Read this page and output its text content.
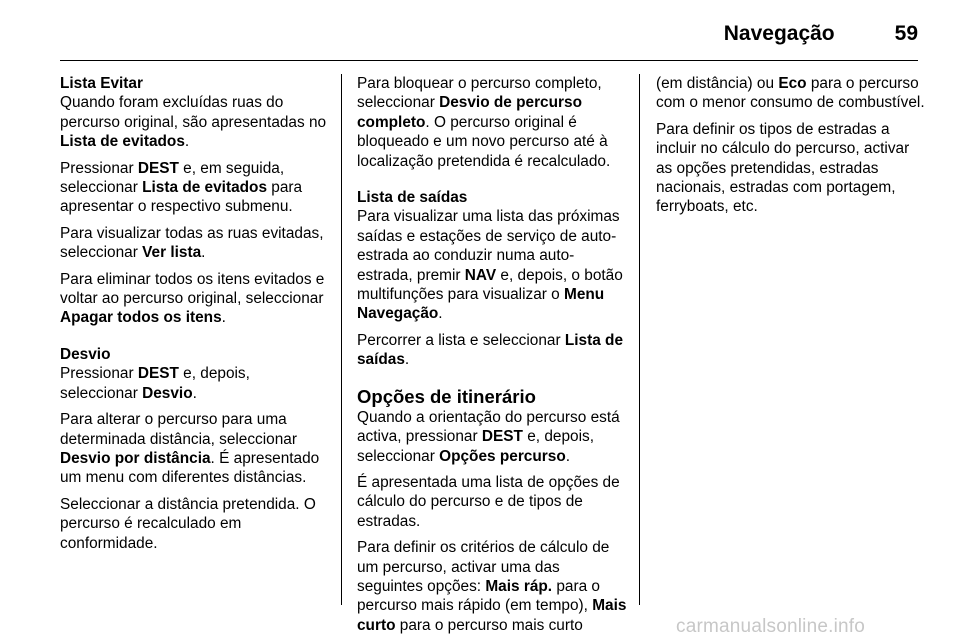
Navegação	59

Lista Evitar
Quando foram excluídas ruas do percurso original, são apresentadas no Lista de evitados.

Pressionar DEST e, em seguida, seleccionar Lista de evitados para apresentar o respectivo submenu.

Para visualizar todas as ruas evitadas, seleccionar Ver lista.

Para eliminar todos os itens evitados e voltar ao percurso original, seleccionar Apagar todos os itens.

Desvio
Pressionar DEST e, depois, seleccionar Desvio.

Para alterar o percurso para uma determinada distância, seleccionar Desvio por distância. É apresentado um menu com diferentes distâncias.

Seleccionar a distância pretendida. O percurso é recalculado em conformidade.

Para bloquear o percurso completo, seleccionar Desvio de percurso completo. O percurso original é bloqueado e um novo percurso até à localização pretendida é recalculado.

Lista de saídas
Para visualizar uma lista das próximas saídas e estações de serviço de auto-estrada ao conduzir numa auto-estrada, premir NAV e, depois, o botão multifunções para visualizar o Menu Navegação.

Percorrer a lista e seleccionar Lista de saídas.

Opções de itinerário
Quando a orientação do percurso está activa, pressionar DEST e, depois, seleccionar Opções percurso.

É apresentada uma lista de opções de cálculo do percurso e de tipos de estradas.

Para definir os critérios de cálculo de um percurso, activar uma das seguintes opções: Mais ráp. para o percurso mais rápido (em tempo), Mais curto para o percurso mais curto

(em distância) ou Eco para o percurso com o menor consumo de combustível.

Para definir os tipos de estradas a incluir no cálculo do percurso, activar as opções pretendidas, estradas nacionais, estradas com portagem, ferryboats, etc.

carmanualsonline.info
